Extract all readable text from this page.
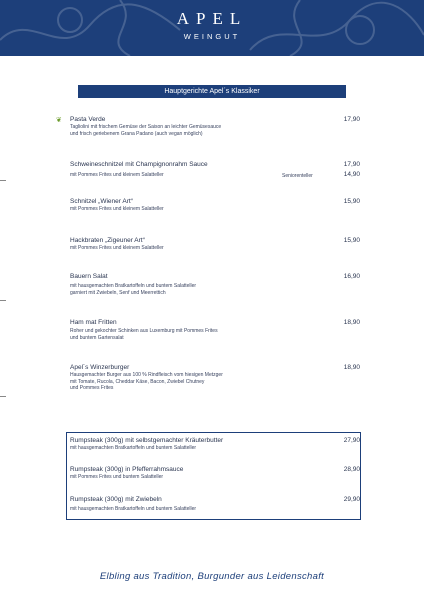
APEL
WEINGUT
Hauptgerichte Apel´s Klassiker
❦ Pasta Verde
Tagliolini mit frischem Gemüse der Saison an leichter Gemüsesauce
und frisch geriebenem Grana Padano (auch vegan möglich)
17,90
Schweineschnitzel mit Champignonrahm Sauce
mit Pommes Frites und kleinem Salatteller
17,90
Seniorenteller	14,90
Schnitzel „Wiener Art“
mit Pommes Frites und kleinem Salatteller
15,90
Hackbraten „Zigeuner Art“
mit Pommes Frites und kleinem Salatteller
15,90
Bauern Salat
mit hausgemachten Bratkartoffeln und buntem Salatteller
garniert mit Zwiebeln, Senf und Meerrettich
16,90
Ham mat Fritten
Roher und gekochter Schinken aus Luxemburg mit Pommes Frites
und buntem Gartensalat
18,90
Apel´s Winzerburger
Hausgemachter Burger aus 100 % Rindfleisch vom hiesigen Metzger
mit Tomate, Rucola, Cheddar Käse, Bacon, Zwiebel Chutney
und Pommes Frites
18,90
Rumpsteak (300g) mit selbstgemachter Kräuterbutter
mit hausgemachten Bratkartoffeln und buntem Salatteller
27,90
Rumpsteak (300g) in Pfefferrahmsauce
mit Pommes Frites und buntem Salatteller
28,90
Rumpsteak (300g) mit Zwiebeln
mit hausgemachten Bratkartoffeln und buntem Salatteller
29,90
Elbling aus Tradition, Burgunder aus Leidenschaft
